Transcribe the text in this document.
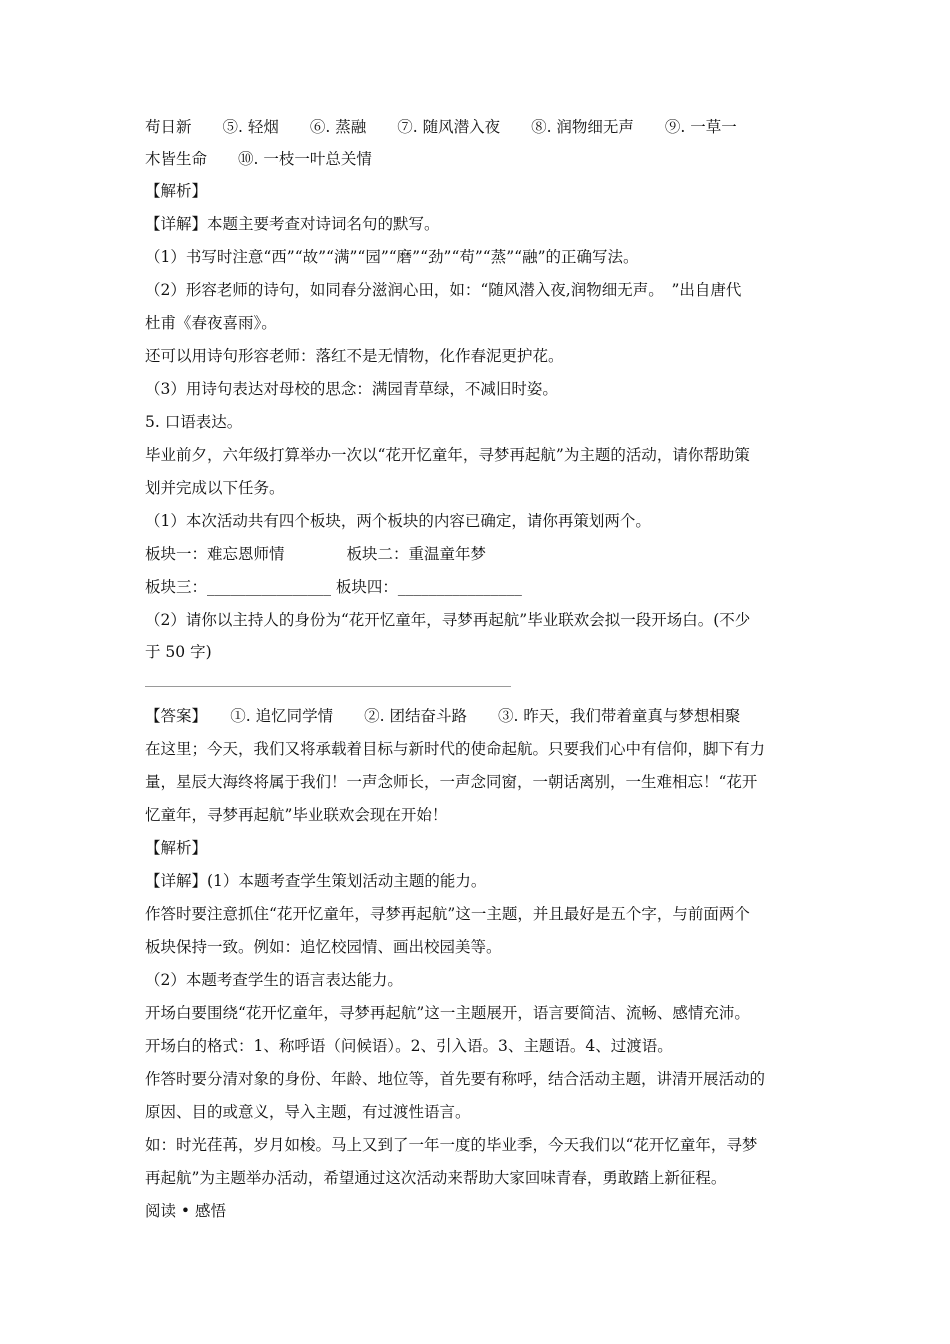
苟日新　　⑤. 轻烟　　⑥. 蒸融　　⑦. 随风潜入夜　　⑧. 润物细无声　　⑨. 一草一
木皆生命　　⑩. 一枝一叶总关情
【解析】
【详解】本题主要考查对诗词名句的默写。
（1）书写时注意“西”“故”“满”“园”“磨”“劲”“苟”“蒸”“融”的正确写法。
（2）形容老师的诗句，如同春分滋润心田，如：“随风潜入夜,润物细无声。　”出自唐代
杜甫《春夜喜雨》。
还可以用诗句形容老师：落红不是无情物，化作春泥更护花。
（3）用诗句表达对母校的思念：满园青草绿，不减旧时姿。
5. 口语表达。
毕业前夕，六年级打算举办一次以“花开忆童年，寻梦再起航”为主题的活动，请你帮助策
划并完成以下任务。
（1）本次活动共有四个板块，两个板块的内容已确定，请你再策划两个。
板块一：难忘恩师情　　　　板块二：重温童年梦
板块三：________________ 板块四：________________
（2）请你以主持人的身份为“花开忆童年，寻梦再起航”毕业联欢会拟一段开场白。(不少
于 50 字)
【答案】　　①. 追忆同学情　　②. 团结奋斗路　　③. 昨天，我们带着童真与梦想相聚
在这里；今天，我们又将承载着目标与新时代的使命起航。只要我们心中有信仰，脚下有力
量，星辰大海终将属于我们！一声念师长，一声念同窗，一朝话离别，一生难相忘！“花开
忆童年，寻梦再起航”毕业联欢会现在开始！
【解析】
【详解】(1）本题考查学生策划活动主题的能力。
作答时要注意抓住“花开忆童年，寻梦再起航”这一主题，并且最好是五个字，与前面两个
板块保持一致。例如：追忆校园情、画出校园美等。
（2）本题考查学生的语言表达能力。
开场白要围绕“花开忆童年，寻梦再起航”这一主题展开，语言要简洁、流畅、感情充沛。
开场白的格式：1、称呼语（问候语）。2、引入语。3、主题语。4、过渡语。
作答时要分清对象的身份、年龄、地位等，首先要有称呼，结合活动主题，讲清开展活动的
原因、目的或意义，导入主题，有过渡性语言。
如：时光荏苒，岁月如梭。马上又到了一年一度的毕业季，今天我们以“花开忆童年，寻梦
再起航”为主题举办活动，希望通过这次活动来帮助大家回味青春，勇敢踏上新征程。
阅读 • 感悟
